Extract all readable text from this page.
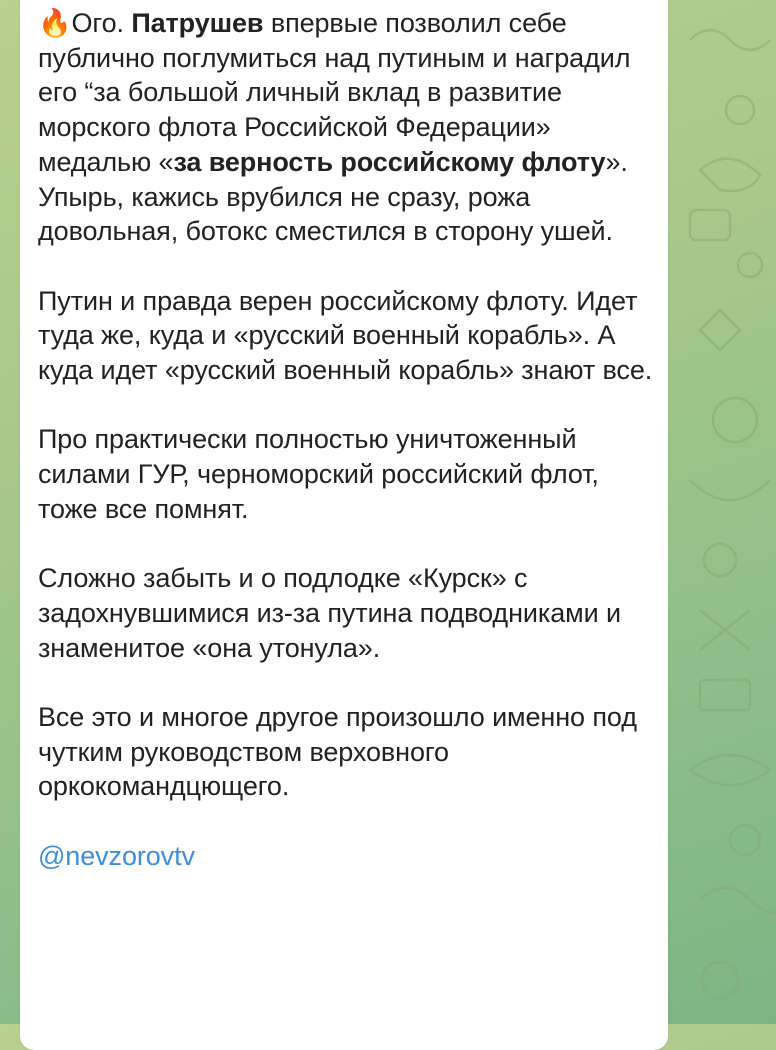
🔥Ого. Патрушев впервые позволил себе публично поглумиться над путиным и наградил его “за большой личный вклад в развитие морского флота Российской Федерации» медалью «за верность российскому флоту».

Упырь, кажись врубился не сразу, рожа довольная, ботокс сместился в сторону ушей.

Путин и правда верен российскому флоту. Идет туда же, куда и «русский военный корабль». А куда идет «русский военный корабль» знают все.

Про практически полностью уничтоженный силами ГУР, черноморский российский флот, тоже все помнят.

Сложно забыть и о подлодке «Курск» с задохнувшимися из-за путина подводниками и знаменитое «она утонула».

Все это и многое другое произошло именно под чутким руководством верховного оркокомандцющего.

@nevzorovtv
